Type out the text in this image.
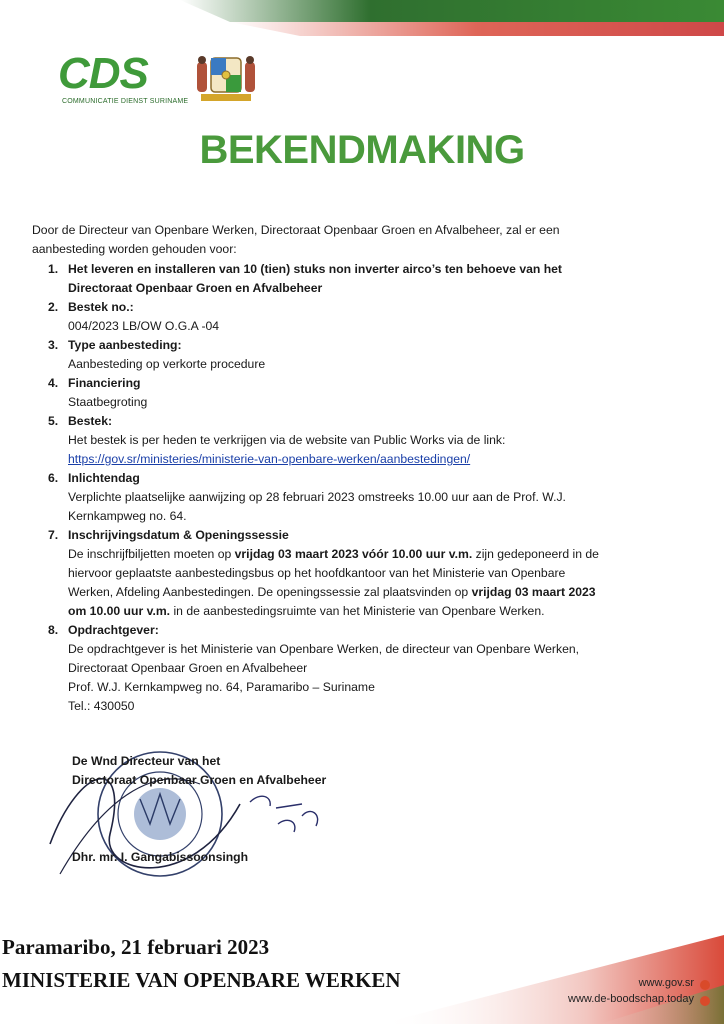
CDS
COMMUNICATIE DIENST SURINAME
BEKENDMAKING

Door de Directeur van Openbare Werken, Directoraat Openbaar Groen en Afvalbeheer, zal er een aanbesteding worden gehouden voor:

1. Het leveren en installeren van 10 (tien) stuks non inverter airco’s ten behoeve van het Directoraat Openbaar Groen en Afvalbeheer
2. Bestek no.:
004/2023 LB/OW O.G.A -04
3. Type aanbesteding:
Aanbesteding op verkorte procedure
4. Financiering
Staatbegroting
5. Bestek:
Het bestek is per heden te verkrijgen via de website van Public Works via de link:
https://gov.sr/ministeries/ministerie-van-openbare-werken/aanbestedingen/
6. Inlichtendag
Verplichte plaatselijke aanwijzing op 28 februari 2023 omstreeks 10.00 uur aan de Prof. W.J. Kernkampweg no. 64.
7. Inschrijvingsdatum & Openingssessie
De inschrijfbiljetten moeten op vrijdag 03 maart 2023 vóór 10.00 uur v.m. zijn gedeponeerd in de hiervoor geplaatste aanbestedingsbus op het hoofdkantoor van het Ministerie van Openbare Werken, Afdeling Aanbestedingen. De openingssessie zal plaatsvinden op vrijdag 03 maart 2023 om 10.00 uur v.m. in de aanbestedingsruimte van het Ministerie van Openbare Werken.
8. Opdrachtgever:
De opdrachtgever is het Ministerie van Openbare Werken, de directeur van Openbare Werken, Directoraat Openbaar Groen en Afvalbeheer
Prof. W.J. Kernkampweg no. 64, Paramaribo – Suriname
Tel.: 430050
De Wnd Directeur van het
Directoraat Openbaar Groen en Afvalbeheer
Dhr. mr. I. Gangabissoonsingh
Paramaribo, 21 februari 2023
MINISTERIE VAN OPENBARE WERKEN	www.gov.sr
www.de-boodschap.today
